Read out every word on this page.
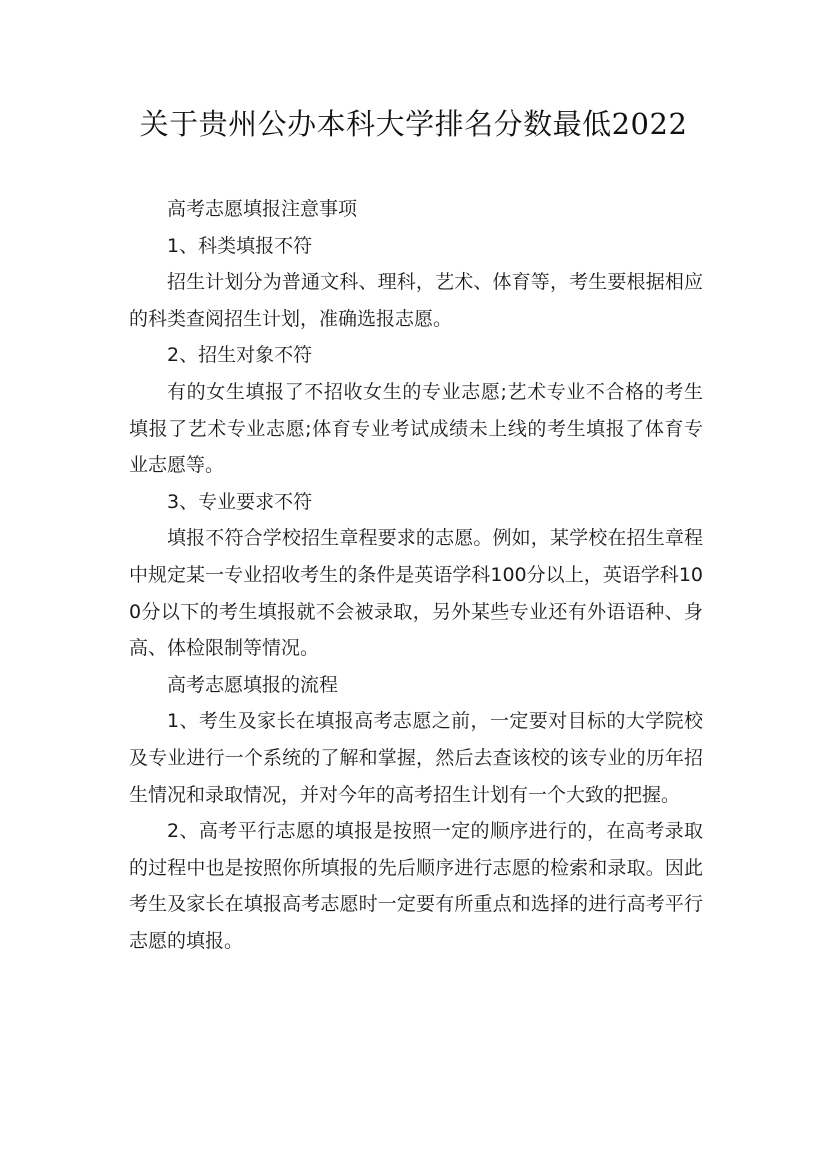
关于贵州公办本科大学排名分数最低2022

高考志愿填报注意事项

1、科类填报不符

招生计划分为普通文科、理科，艺术、体育等，考生要根据相应的科类查阅招生计划，准确选报志愿。

2、招生对象不符

有的女生填报了不招收女生的专业志愿;艺术专业不合格的考生填报了艺术专业志愿;体育专业考试成绩未上线的考生填报了体育专业志愿等。

3、专业要求不符

填报不符合学校招生章程要求的志愿。例如，某学校在招生章程中规定某一专业招收考生的条件是英语学科100分以上，英语学科100分以下的考生填报就不会被录取，另外某些专业还有外语语种、身高、体检限制等情况。

高考志愿填报的流程

1、考生及家长在填报高考志愿之前，一定要对目标的大学院校及专业进行一个系统的了解和掌握，然后去查该校的该专业的历年招生情况和录取情况，并对今年的高考招生计划有一个大致的把握。

2、高考平行志愿的填报是按照一定的顺序进行的，在高考录取的过程中也是按照你所填报的先后顺序进行志愿的检索和录取。因此考生及家长在填报高考志愿时一定要有所重点和选择的进行高考平行志愿的填报。
